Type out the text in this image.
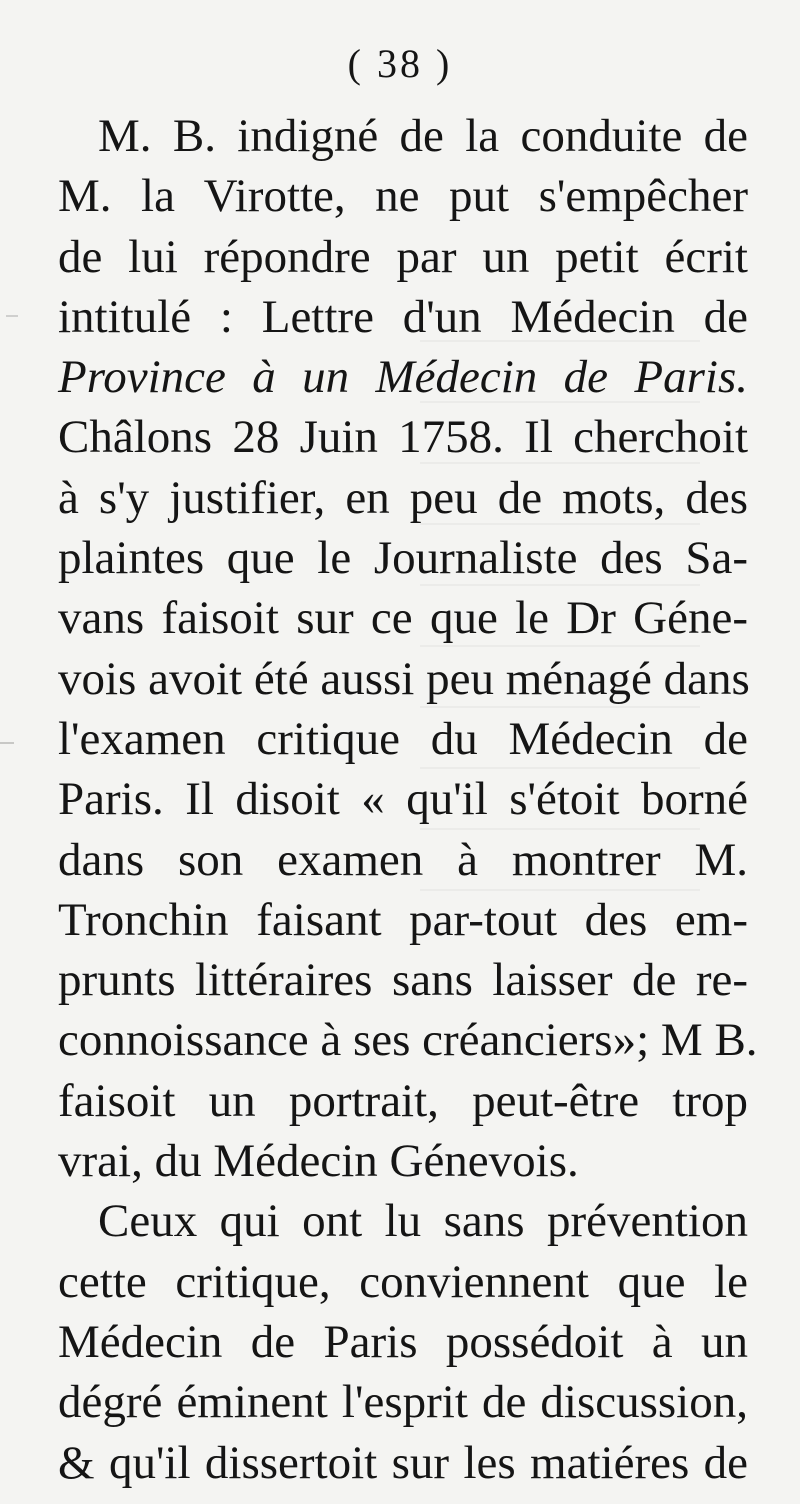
( 38 )
M. B. indigné de la conduite de
M. la Virotte, ne put s'empêcher
de lui répondre par un petit écrit
intitulé : Lettre d'un Médecin de
Province à un Médecin de Paris.
Châlons 28 Juin 1758. Il cherchoit
à s'y justifier, en peu de mots, des
plaintes que le Journaliste des Sa-
vans faisoit sur ce que le Dr Géne-
vois avoit été aussi peu ménagé dans
l'examen critique du Médecin de
Paris. Il disoit « qu'il s'étoit borné
dans son examen à montrer M.
Tronchin faisant par-tout des em-
prunts littéraires sans laisser de re-
connoissance à ses créanciers»; M B.
faisoit un portrait, peut-être trop
vrai, du Médecin Génevois.
Ceux qui ont lu sans prévention
cette critique, conviennent que le
Médecin de Paris possédoit à un
dégré éminent l'esprit de discussion,
& qu'il dissertoit sur les matiéres de
